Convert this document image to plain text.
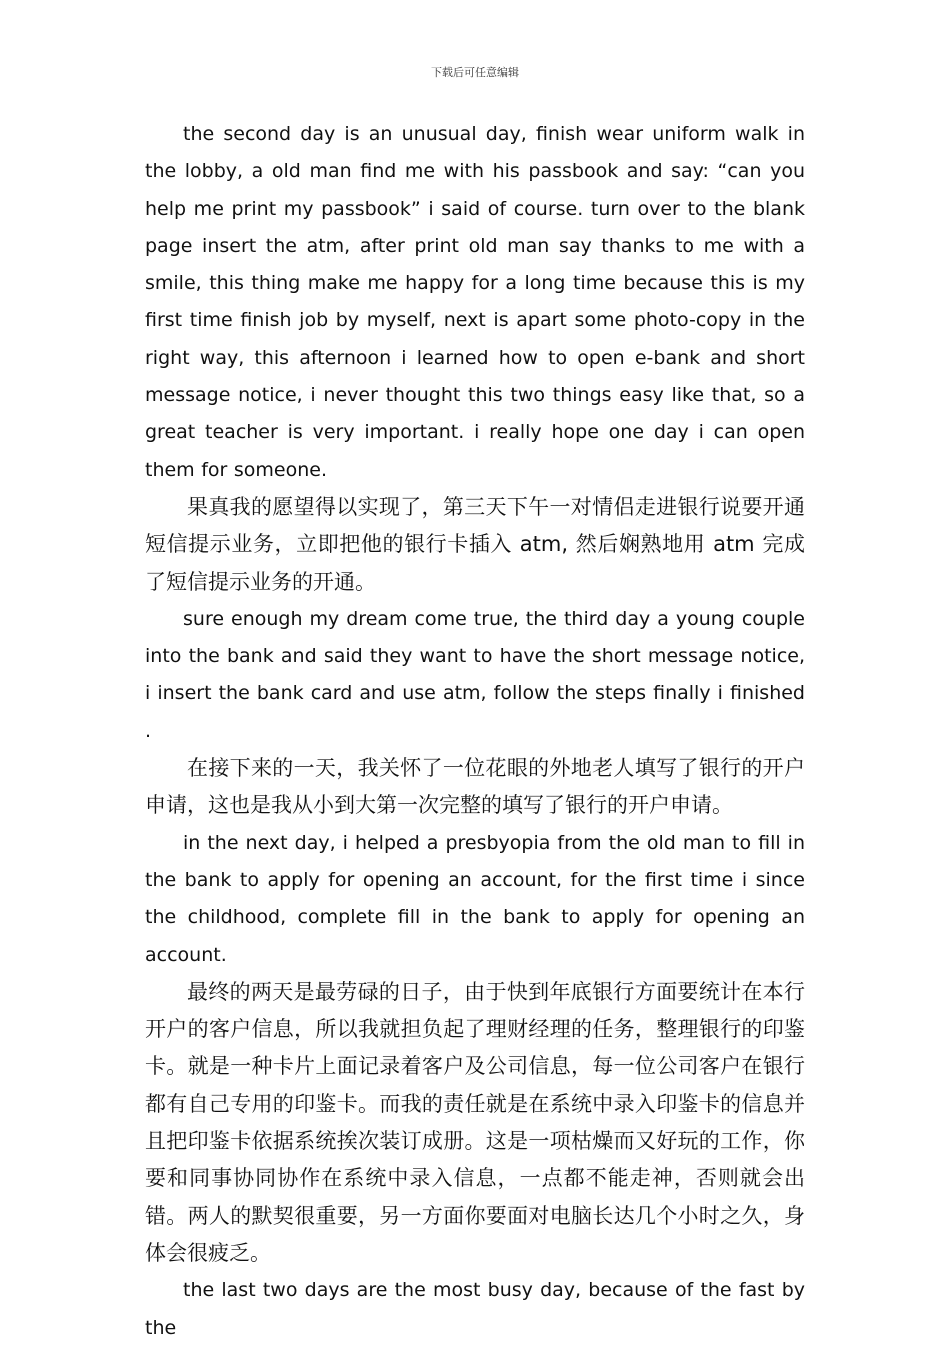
下载后可任意编辑

the second day is an unusual day, finish wear uniform walk in the lobby, a old man find me with his passbook and say: “can you help me print my passbook” i said of course. turn over to the blank page insert the atm, after print old man say thanks to me with a smile, this thing make me happy for a long time because this is my first time finish job by myself, next is apart some photo-copy in the right way, this afternoon i learned how to open e-bank and short message notice, i never thought this two things easy like that, so a great teacher is very important. i really hope one day i can open them for someone.

果真我的愿望得以实现了，第三天下午一对情侣走进银行说要开通短信提示业务，立即把他的银行卡插入 atm, 然后娴熟地用 atm 完成了短信提示业务的开通。

sure enough my dream come true, the third day a young couple into the bank and said they want to have the short message notice, i insert the bank card and use atm, follow the steps finally i finished .

在接下来的一天，我关怀了一位花眼的外地老人填写了银行的开户申请，这也是我从小到大第一次完整的填写了银行的开户申请。

in the next day, i helped a presbyopia from the old man to fill in the bank to apply for opening an account, for the first time i since the childhood, complete fill in the bank to apply for opening an account.

最终的两天是最劳碌的日子，由于快到年底银行方面要统计在本行开户的客户信息，所以我就担负起了理财经理的任务，整理银行的印鉴卡。就是一种卡片上面记录着客户及公司信息，每一位公司客户在银行都有自己专用的印鉴卡。而我的责任就是在系统中录入印鉴卡的信息并且把印鉴卡依据系统挨次装订成册。这是一项枯燥而又好玩的工作，你要和同事协同协作在系统中录入信息，一点都不能走神，否则就会出错。两人的默契很重要，另一方面你要面对电脑长达几个小时之久，身体会很疲乏。

the last two days are the most busy day, because of the fast by the
